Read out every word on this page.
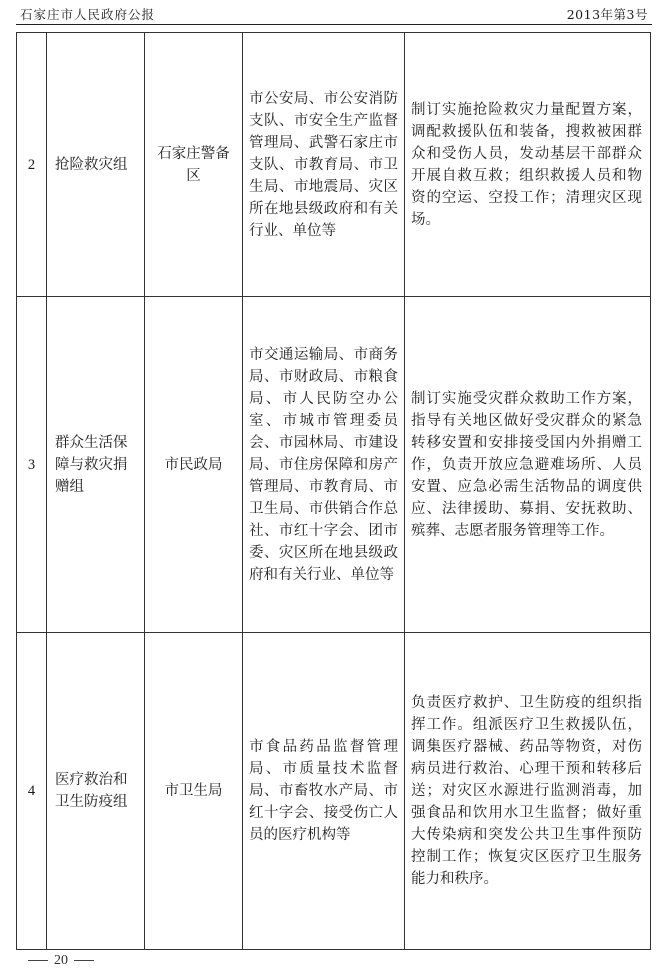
石家庄市人民政府公报	2013年第3号
2	抢险救灾组	石家庄警备区	市公安局、市公安消防支队、市安全生产监督管理局、武警石家庄市支队、市教育局、市卫生局、市地震局、灾区所在地县级政府和有关行业、单位等	制订实施抢险救灾力量配置方案，调配救援队伍和装备，搜救被困群众和受伤人员，发动基层干部群众开展自救互救；组织救援人员和物资的空运、空投工作；清理灾区现场。
3	群众生活保障与救灾捐赠组	市民政局	市交通运输局、市商务局、市财政局、市粮食局、市人民防空办公室、市城市管理委员会、市园林局、市建设局、市住房保障和房产管理局、市教育局、市卫生局、市供销合作总社、市红十字会、团市委、灾区所在地县级政府和有关行业、单位等	制订实施受灾群众救助工作方案，指导有关地区做好受灾群众的紧急转移安置和安排接受国内外捐赠工作，负责开放应急避难场所、人员安置、应急必需生活物品的调度供应、法律援助、募捐、安抚救助、殡葬、志愿者服务管理等工作。
4	医疗救治和卫生防疫组	市卫生局	市食品药品监督管理局、市质量技术监督局、市畜牧水产局、市红十字会、接受伤亡人员的医疗机构等	负责医疗救护、卫生防疫的组织指挥工作。组派医疗卫生救援队伍，调集医疗器械、药品等物资，对伤病员进行救治、心理干预和转移后送；对灾区水源进行监测消毒，加强食品和饮用水卫生监督；做好重大传染病和突发公共卫生事件预防控制工作；恢复灾区医疗卫生服务能力和秩序。
20
